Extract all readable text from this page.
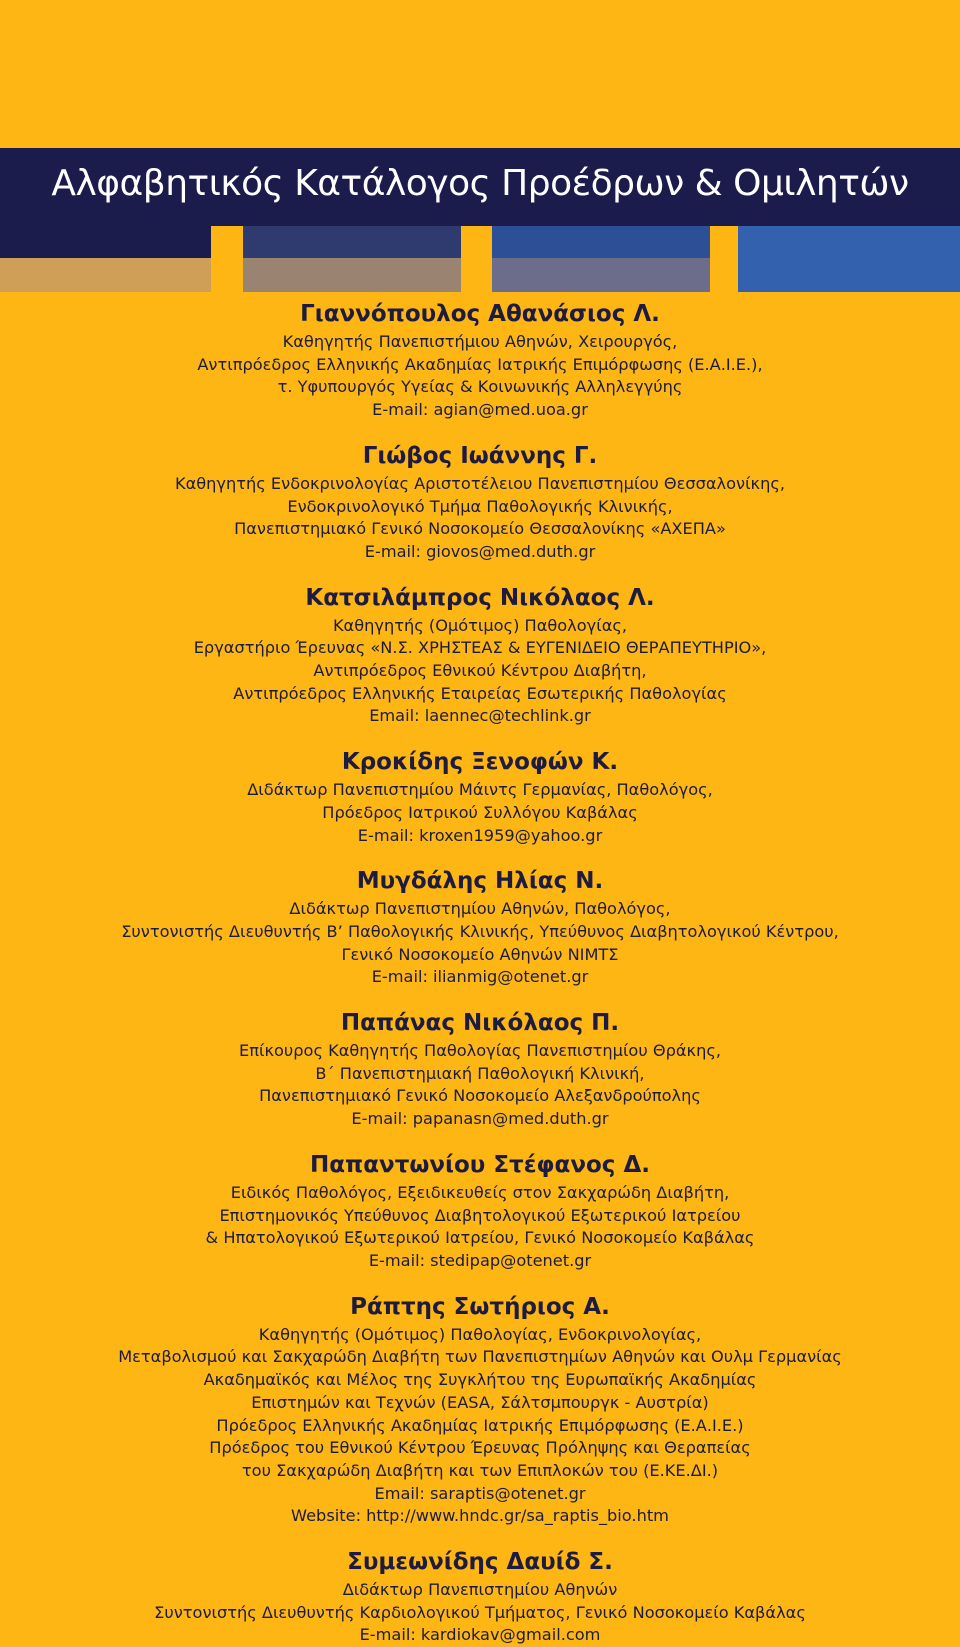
Αλφαβητικός Κατάλογος Προέδρων & Ομιλητών
Γιαννόπουλος Αθανάσιος Λ.
Καθηγητής Πανεπιστήμιου Αθηνών, Χειρουργός,
Αντιπρόεδρος Ελληνικής Ακαδημίας Ιατρικής Επιμόρφωσης (Ε.Α.Ι.Ε.),
τ. Υφυπουργός Υγείας & Κοινωνικής Αλληλεγγύης
E-mail: agian@med.uoa.gr
Γιώβος Ιωάννης Γ.
Καθηγητής Ενδοκρινολογίας Αριστοτέλειου Πανεπιστημίου Θεσσαλονίκης,
Ενδοκρινολογικό Τμήμα Παθολογικής Κλινικής,
Πανεπιστημιακό Γενικό Νοσοκομείο Θεσσαλονίκης «ΑΧΕΠΑ»
E-mail: giovos@med.duth.gr
Κατσιλάμπρος Νικόλαος Λ.
Καθηγητής (Ομότιμος) Παθολογίας,
Εργαστήριο Έρευνας «Ν.Σ. ΧΡΗΣΤΕΑΣ & ΕΥΓΕΝΙΔΕΙΟ ΘΕΡΑΠΕΥΤΗΡΙΟ»,
Αντιπρόεδρος Εθνικού Κέντρου Διαβήτη,
Αντιπρόεδρος Ελληνικής Εταιρείας Εσωτερικής Παθολογίας
Email: laennec@techlink.gr
Κροκίδης Ξενοφών Κ.
Διδάκτωρ Πανεπιστημίου Μάιντς Γερμανίας, Παθολόγος,
Πρόεδρος Ιατρικού Συλλόγου Καβάλας
E-mail: kroxen1959@yahoo.gr
Μυγδάλης Ηλίας Ν.
Διδάκτωρ Πανεπιστημίου Αθηνών, Παθολόγος,
Συντονιστής Διευθυντής Β’ Παθολογικής Κλινικής, Υπεύθυνος Διαβητολογικού Κέντρου,
Γενικό Νοσοκομείο Αθηνών ΝΙΜΤΣ
E-mail: ilianmig@otenet.gr
Παπάνας Νικόλαος Π.
Επίκουρος Καθηγητής Παθολογίας Πανεπιστημίου Θράκης,
Β΄ Πανεπιστημιακή Παθολογική Κλινική,
Πανεπιστημιακό Γενικό Νοσοκομείο Αλεξανδρούπολης
E-mail: papanasn@med.duth.gr
Παπαντωνίου Στέφανος Δ.
Ειδικός Παθολόγος, Εξειδικευθείς στον Σακχαρώδη Διαβήτη,
Επιστημονικός Υπεύθυνος Διαβητολογικού Εξωτερικού Ιατρείου
& Ηπατολογικού Εξωτερικού Ιατρείου, Γενικό Νοσοκομείο Καβάλας
E-mail: stedipap@otenet.gr
Ράπτης Σωτήριος Α.
Καθηγητής (Ομότιμος) Παθολογίας, Ενδοκρινολογίας,
Μεταβολισμού και Σακχαρώδη Διαβήτη των Πανεπιστημίων Αθηνών και Ουλμ Γερμανίας
Ακαδημαϊκός και Μέλος της Συγκλήτου της Ευρωπαϊκής Ακαδημίας
Επιστημών και Τεχνών (EASA, Σάλτσμπουργκ - Αυστρία)
Πρόεδρος Ελληνικής Ακαδημίας Ιατρικής Επιμόρφωσης (Ε.Α.Ι.Ε.)
Πρόεδρος του Εθνικού Κέντρου Έρευνας Πρόληψης και Θεραπείας
του Σακχαρώδη Διαβήτη και των Επιπλοκών του (Ε.ΚΕ.ΔΙ.)
Email: saraptis@otenet.gr
Website: http://www.hndc.gr/sa_raptis_bio.htm
Συμεωνίδης Δαυίδ Σ.
Διδάκτωρ Πανεπιστημίου Αθηνών
Συντονιστής Διευθυντής Καρδιολογικού Τμήματος, Γενικό Νοσοκομείο Καβάλας
E-mail: kardiokav@gmail.com
